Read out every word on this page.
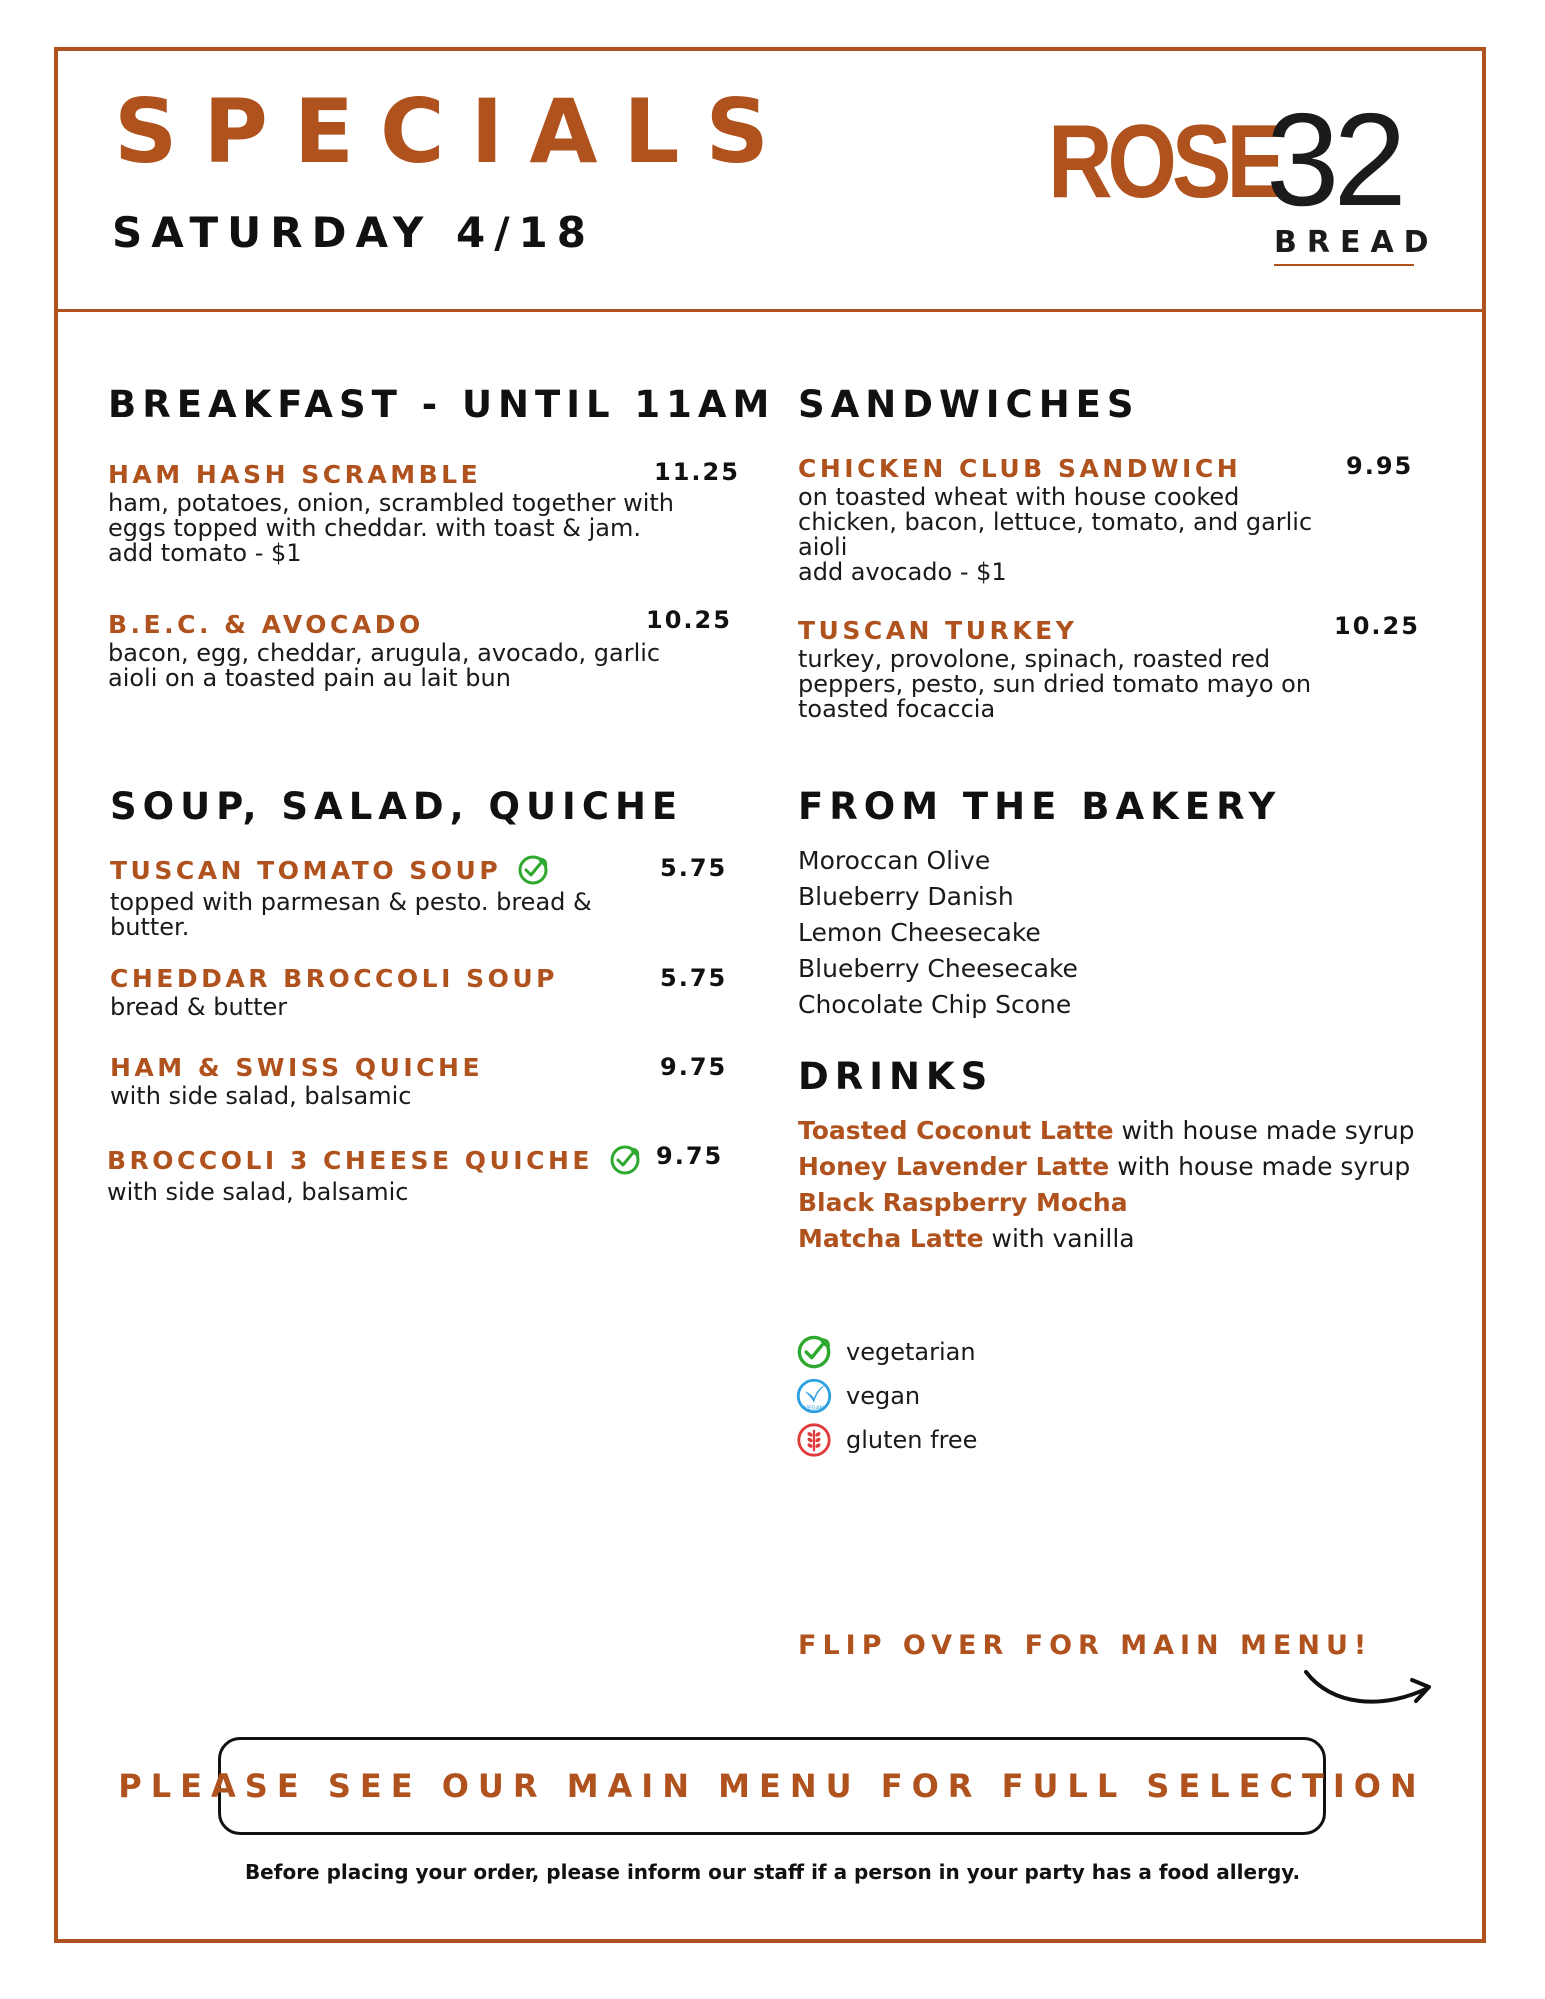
SPECIALS
SATURDAY 4/18
ROSE
32
BREAD
BREAKFAST - UNTIL 11AM
HAM HASH SCRAMBLE	11.25
ham, potatoes, onion, scrambled together with
eggs topped with cheddar. with toast & jam.
add tomato - $1
B.E.C. & AVOCADO	10.25
bacon, egg, cheddar, arugula, avocado, garlic
aioli on a toasted pain au lait bun
SOUP, SALAD, QUICHE
TUSCAN TOMATO SOUP	5.75
topped with parmesan & pesto. bread &
butter.
CHEDDAR BROCCOLI SOUP	5.75
bread & butter
HAM & SWISS QUICHE	9.75
with side salad, balsamic
BROCCOLI 3 CHEESE QUICHE	9.75
with side salad, balsamic
SANDWICHES
CHICKEN CLUB SANDWICH	9.95
on toasted wheat with house cooked
chicken, bacon, lettuce, tomato, and garlic
aioli
add avocado - $1
TUSCAN TURKEY	10.25
turkey, provolone, spinach, roasted red
peppers, pesto, sun dried tomato mayo on
toasted focaccia
FROM THE BAKERY
Moroccan Olive
Blueberry Danish
Lemon Cheesecake
Blueberry Cheesecake
Chocolate Chip Scone
DRINKS
Toasted Coconut Latte with house made syrup
Honey Lavender Latte with house made syrup
Black Raspberry Mocha
Matcha Latte with vanilla
vegetarian
VEGAN vegan
gluten free
FLIP OVER FOR MAIN MENU!
PLEASE SEE OUR MAIN MENU FOR FULL SELECTION
Before placing your order, please inform our staff if a person in your party has a food allergy.
